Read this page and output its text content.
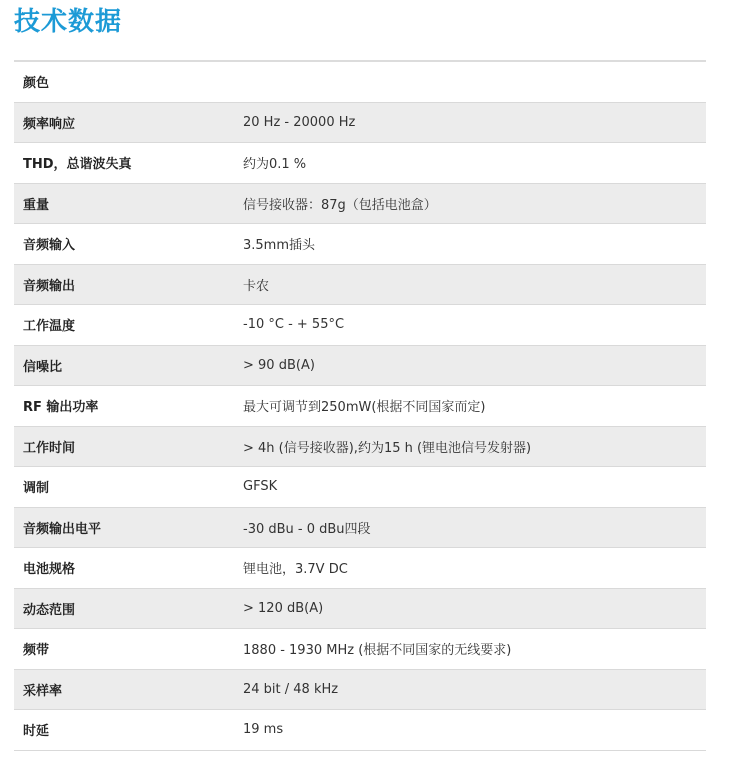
技术数据
颜色
频率响应	20 Hz - 20000 Hz
THD，总谐波失真	约为0.1 %
重量	信号接收器：87g（包括电池盒）
音频输入	3.5mm插头
音频输出	卡农
工作温度	-10 °C - + 55°C
信噪比	> 90 dB(A)
RF 输出功率	最大可调节到250mW(根据不同国家而定)
工作时间	> 4h (信号接收器),约为15 h (锂电池信号发射器)
调制	GFSK
音频输出电平	-30 dBu - 0 dBu四段
电池规格	锂电池，3.7V DC
动态范围	> 120 dB(A)
频带	1880 - 1930 MHz (根据不同国家的无线要求)
采样率	24 bit / 48 kHz
时延	19 ms
